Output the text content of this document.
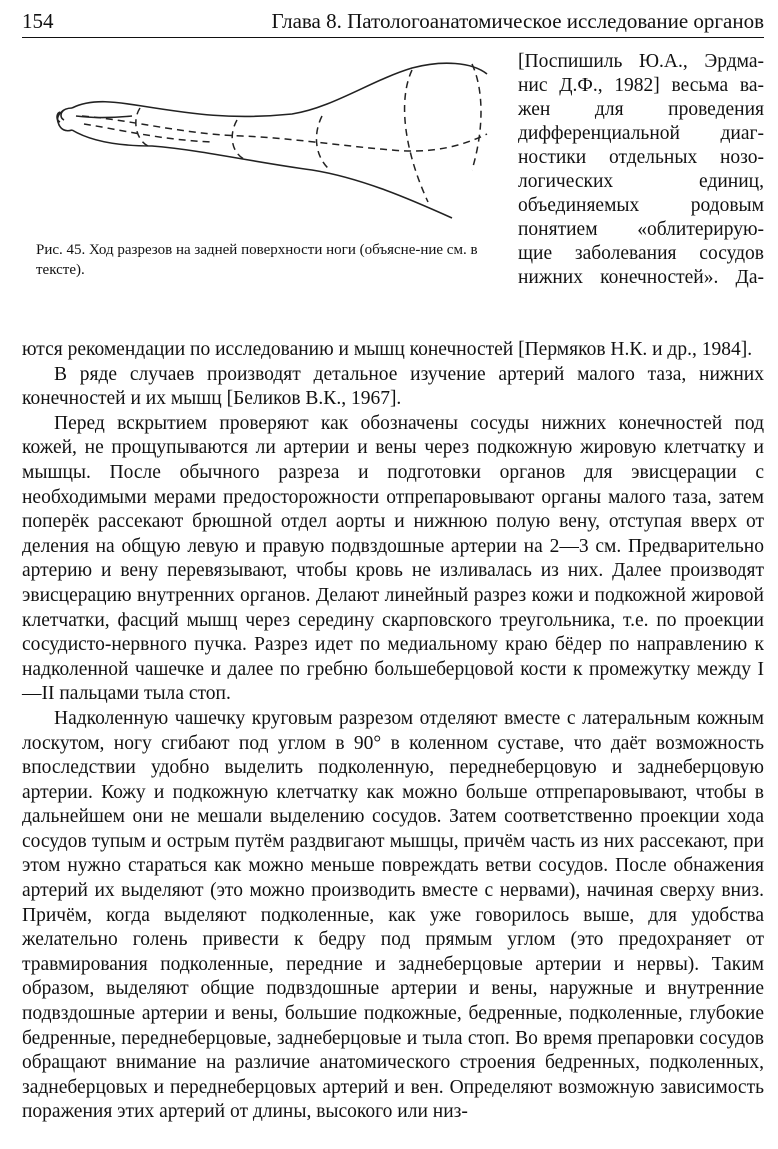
154	Глава 8. Патологоанатомическое исследование органов
Рис. 45. Ход разрезов на задней поверхности ноги (объясне-ние см. в тексте).
[Поспишиль Ю.А., Эрдма-
нис Д.Ф., 1982] весьма ва-
жен для проведения
дифференциальной диаг-
ностики отдельных нозо-
логических единиц,
объединяемых родовым
понятием «облитерирую-
щие заболевания сосудов
нижних конечностей». Да-

ются рекомендации по исследованию и мышц конечностей [Пермяков Н.К. и др., 1984].

В ряде случаев производят детальное изучение артерий малого таза, нижних конечностей и их мышц [Беликов В.К., 1967].

Перед вскрытием проверяют как обозначены сосуды нижних конечностей под кожей, не прощупываются ли артерии и вены через подкожную жировую клетчатку и мышцы. После обычного разреза и подготовки органов для эвисцерации с необходимыми мерами предосторожности отпрепаровывают органы малого таза, затем поперёк рассекают брюшной отдел аорты и нижнюю полую вену, отступая вверх от деления на общую левую и правую подвздошные артерии на 2—3 см. Предварительно артерию и вену перевязывают, чтобы кровь не изливалась из них. Далее производят эвисцерацию внутренних органов. Делают линейный разрез кожи и подкожной жировой клетчатки, фасций мышц через середину скарповского треугольника, т.е. по проекции сосудисто-нервного пучка. Разрез идет по медиальному краю бёдер по направлению к надколенной чашечке и далее по гребню большеберцовой кости к промежутку между I—II пальцами тыла стоп.

Надколенную чашечку круговым разрезом отделяют вместе с латеральным кожным лоскутом, ногу сгибают под углом в 90° в коленном суставе, что даёт возможность впоследствии удобно выделить подколенную, переднеберцовую и заднеберцовую артерии. Кожу и подкожную клетчатку как можно больше отпрепаровывают, чтобы в дальнейшем они не мешали выделению сосудов. Затем соответственно проекции хода сосудов тупым и острым путём раздвигают мышцы, причём часть из них рассекают, при этом нужно стараться как можно меньше повреждать ветви сосудов. После обнажения артерий их выделяют (это можно производить вместе с нервами), начиная сверху вниз. Причём, когда выделяют подколенные, как уже говорилось выше, для удобства желательно голень привести к бедру под прямым углом (это предохраняет от травмирования подколенные, передние и заднеберцовые артерии и нервы). Таким образом, выделяют общие подвздошные артерии и вены, наружные и внутренние подвздошные артерии и вены, большие подкожные, бедренные, подколенные, глубокие бедренные, переднеберцовые, заднеберцовые и тыла стоп. Во время препаровки сосудов обращают внимание на различие анатомического строения бедренных, подколенных, заднеберцовых и переднеберцовых артерий и вен. Определяют возможную зависимость поражения этих артерий от длины, высокого или низ-
